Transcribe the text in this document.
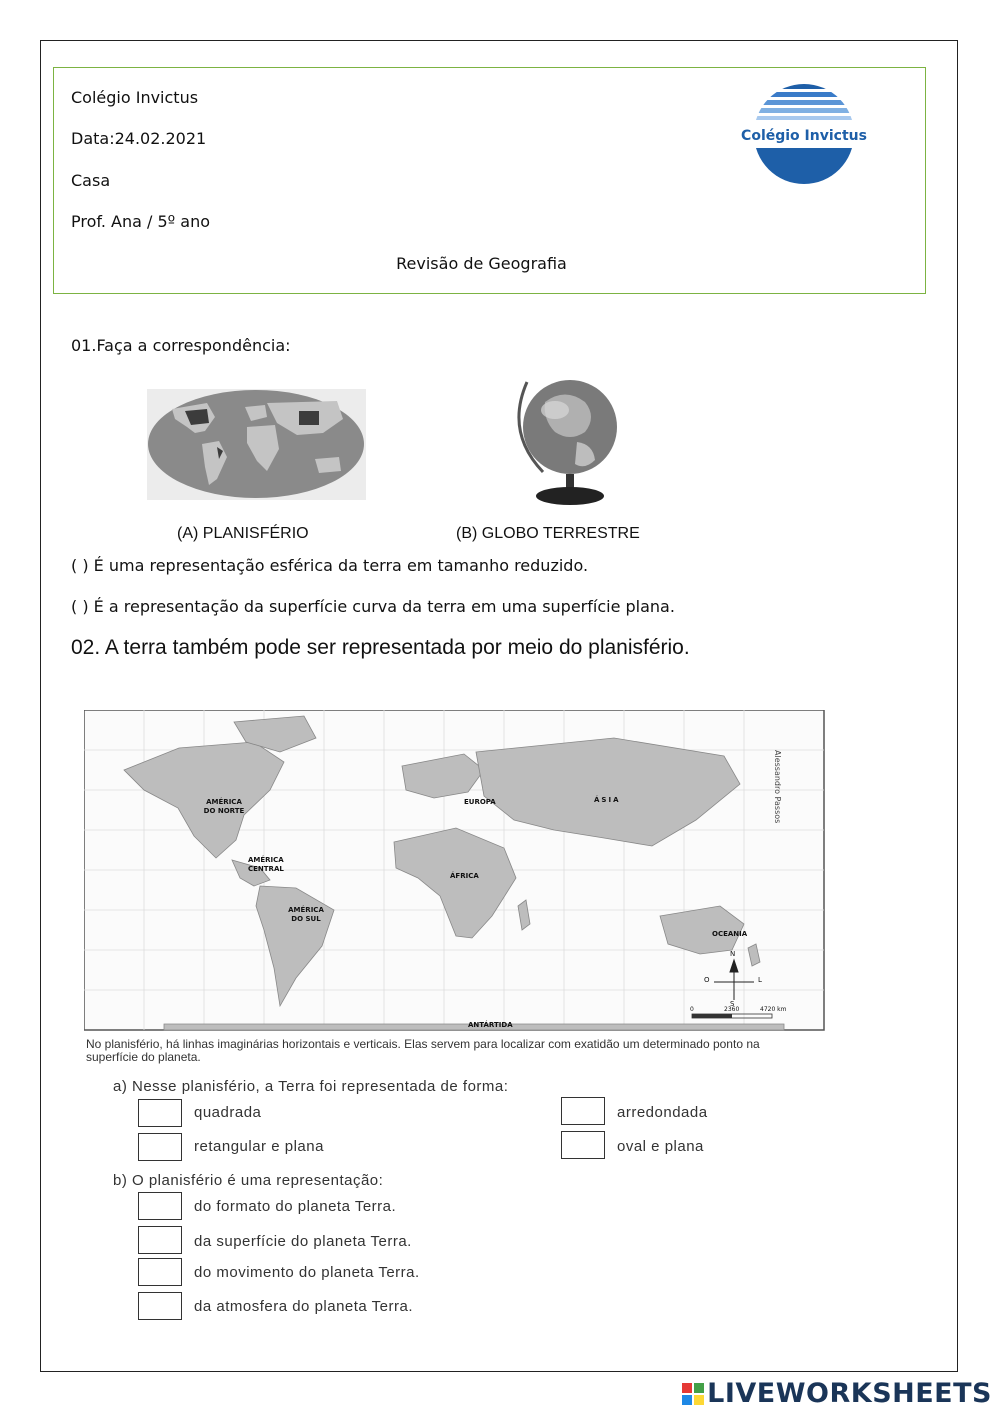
Colégio Invictus
Data:24.02.2021
Casa
Prof. Ana / 5º ano
Revisão de Geografia
Colégio Invictus
01.Faça a correspondência:
(A) PLANISFÉRIO	(B) GLOBO TERRESTRE
( ) É uma representação esférica da terra em tamanho reduzido.
( ) É a representação da superfície curva da terra em uma superfície plana.
02. A terra também pode ser representada por meio do planisfério.
AMÉRICA DO NORTE
AMÉRICA CENTRAL
AMÉRICA DO SUL
EUROPA	ÁSIA
ÁFRICA
OCEANIA
ANTÁRTIDA
Alessandro Passos
N
S
L
O
0	2360	4720 km
No planisfério, há linhas imaginárias horizontais e verticais. Elas servem para localizar com exatidão um determinado ponto na superfície do planeta.
a) Nesse planisfério, a Terra foi representada de forma:
quadrada	arredondada
retangular e plana	oval e plana
b) O planisfério é uma representação:
do formato do planeta Terra.
da superfície do planeta Terra.
do movimento do planeta Terra.
da atmosfera do planeta Terra.
LIVEWORKSHEETS
